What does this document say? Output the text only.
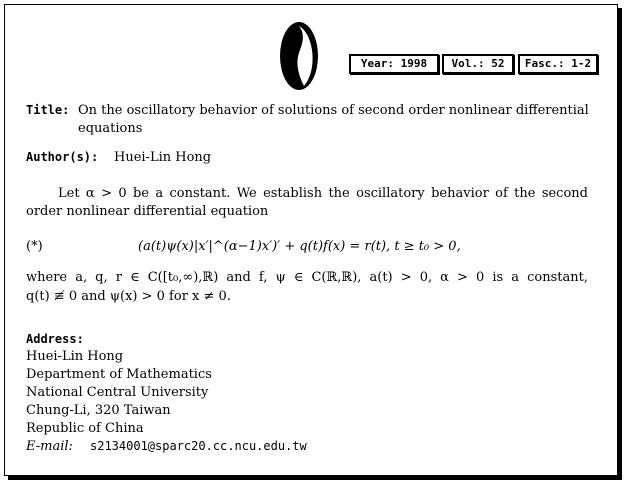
Year: 1998	Vol.: 52	Fasc.: 1-2
Title: On the oscillatory behavior of solutions of second order nonlinear differential
equations
Author(s): Huei-Lin Hong
Let α > 0 be a constant. We establish the oscillatory behavior of the second
order nonlinear differential equation
(*)	(a(t)ψ(x)|x′|^(α−1)x′)′ + q(t)f(x) = r(t), t ≥ t₀ > 0,
where a, q, r ∈ C([t₀,∞),ℝ) and f, ψ ∈ C(ℝ,ℝ), a(t) > 0, α > 0 is a constant,
q(t) ≢ 0 and ψ(x) > 0 for x ≠ 0.
Address:
Huei-Lin Hong
Department of Mathematics
National Central University
Chung-Li, 320 Taiwan
Republic of China
E-mail: s2134001@sparc20.cc.ncu.edu.tw
